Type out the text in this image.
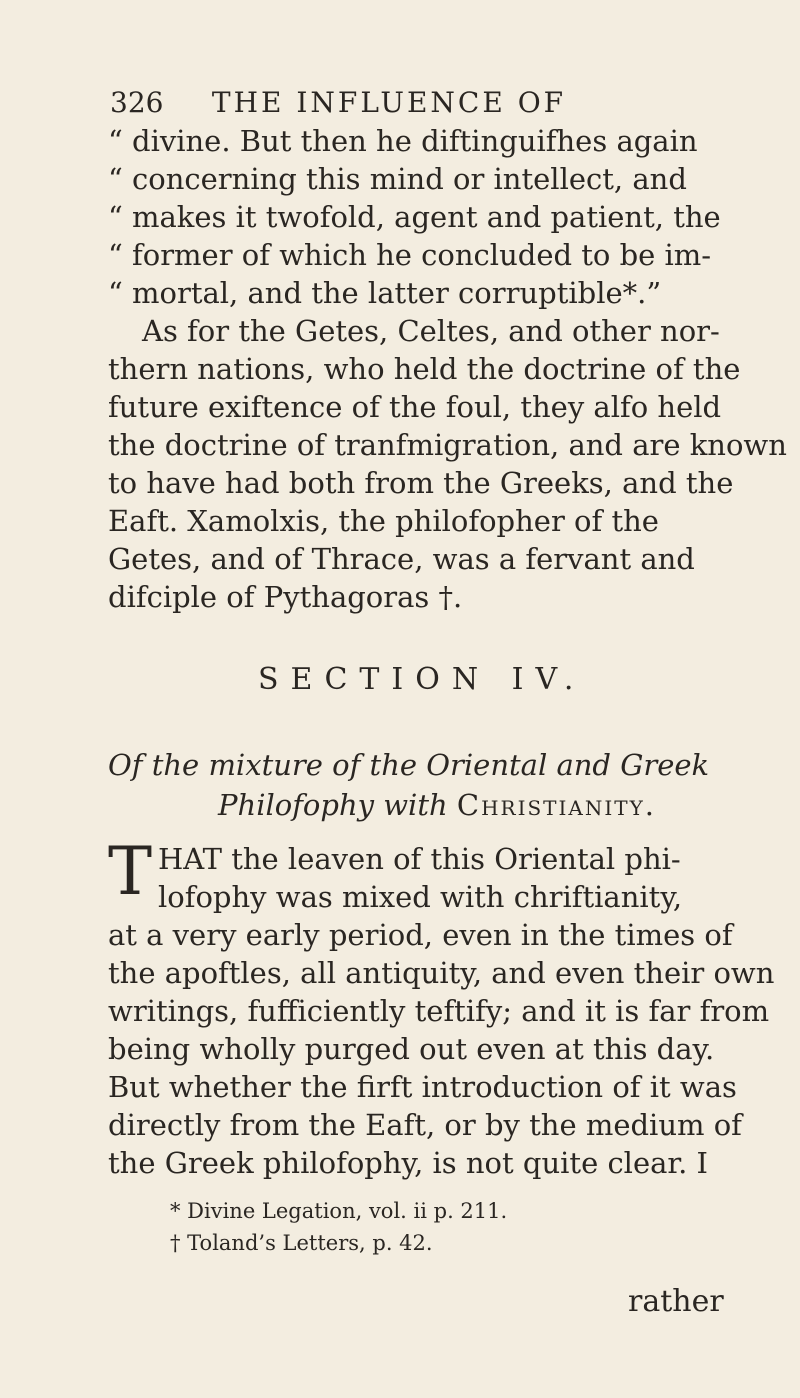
326 THE INFLUENCE OF
“ divine. But then he diftinguifhes again
“ concerning this mind or intellect, and
“ makes it twofold, agent and patient, the
“ former of which he concluded to be im-
“ mortal, and the latter corruptible*.”
As for the Getes, Celtes, and other nor-
thern nations, who held the doctrine of the
future exiftence of the foul, they alfo held
the doctrine of tranfmigration, and are known
to have had both from the Greeks, and the
Eaft. Xamolxis, the philofopher of the
Getes, and of Thrace, was a fervant and
difciple of Pythagoras †.
SECTION IV.
Of the mixture of the Oriental and Greek
Philofophy with Christianity.
T HAT the leaven of this Oriental phi-
lofophy was mixed with chriftianity,
at a very early period, even in the times of
the apoftles, all antiquity, and even their own
writings, fufficiently teftify; and it is far from
being wholly purged out even at this day.
But whether the firft introduction of it was
directly from the Eaft, or by the medium of
the Greek philofophy, is not quite clear. I
* Divine Legation, vol. ii p. 211.
† Toland’s Letters, p. 42.
rather
